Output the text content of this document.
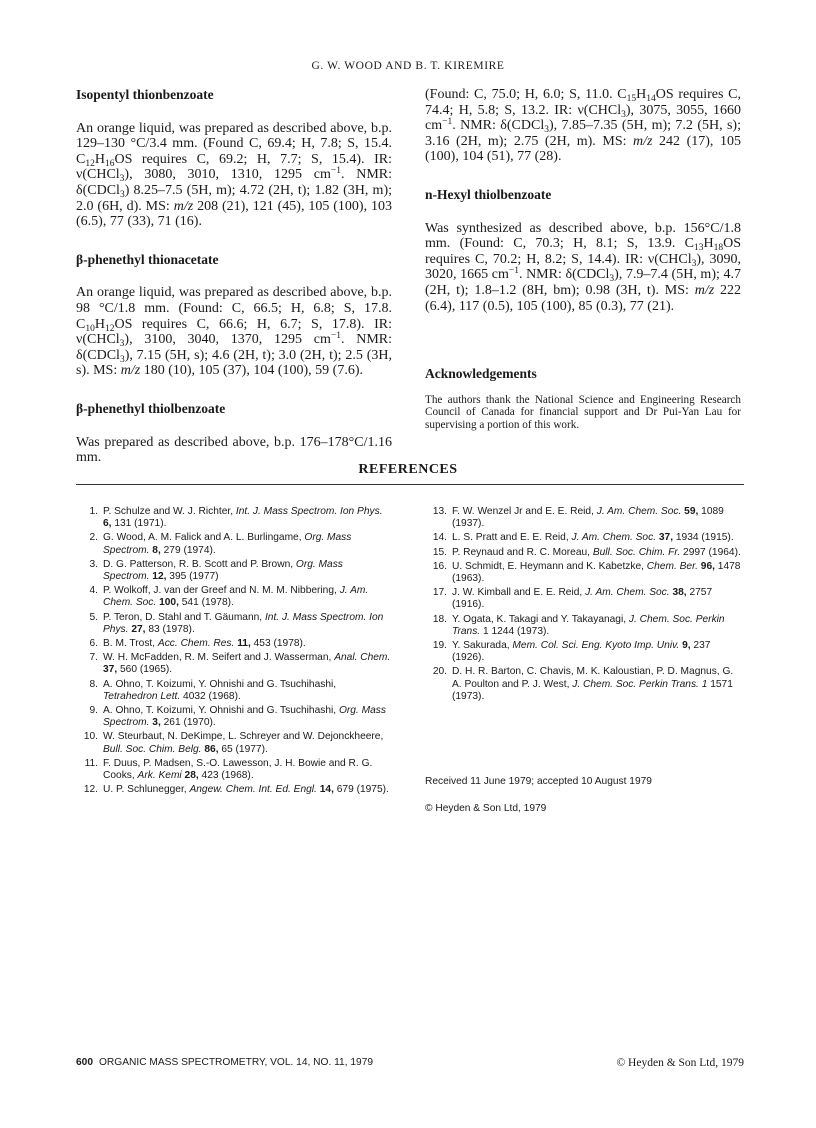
G. W. WOOD AND B. T. KIREMIRE
Isopentyl thionbenzoate

An orange liquid, was prepared as described above, b.p. 129–130 °C/3.4 mm. (Found C, 69.4; H, 7.8; S, 15.4. $C_{12}H_{16}OS$ requires C, 69.2; H, 7.7; S, 15.4). IR: ν(CHCl$_3$), 3080, 3010, 1310, 1295 $cm^{-1}$. NMR: δ(CDCl$_3$) 8.25–7.5 (5H, m); 4.72 (2H, t); 1.82 (3H, m); 2.0 (6H, d). MS: m/z 208 (21), 121 (45), 105 (100), 103 (6.5), 77 (33), 71 (16).

β-phenethyl thionacetate

An orange liquid, was prepared as described above, b.p. 98 °C/1.8 mm. (Found: C, 66.5; H, 6.8; S, 17.8. $C_{10}H_{12}OS$ requires C, 66.6; H, 6.7; S, 17.8). IR: ν(CHCl$_3$), 3100, 3040, 1370, 1295 $cm^{-1}$. NMR: δ(CDCl$_3$), 7.15 (5H, s); 4.6 (2H, t); 3.0 (2H, t); 2.5 (3H, s). MS: m/z 180 (10), 105 (37), 104 (100), 59 (7.6).

β-phenethyl thiolbenzoate

Was prepared as described above, b.p. 176–178°C/1.16 mm.

(Found: C, 75.0; H, 6.0; S, 11.0. $C_{15}H_{14}OS$ requires C, 74.4; H, 5.8; S, 13.2. IR: ν(CHCl$_3$), 3075, 3055, 1660 $cm^{-1}$. NMR: δ(CDCl$_3$), 7.85–7.35 (5H, m); 7.2 (5H, s); 3.16 (2H, m); 2.75 (2H, m). MS: m/z 242 (17), 105 (100), 104 (51), 77 (28).

n-Hexyl thiolbenzoate

Was synthesized as described above, b.p. 156°C/1.8 mm. (Found: C, 70.3; H, 8.1; S, 13.9. $C_{13}H_{18}OS$ requires C, 70.2; H, 8.2; S, 14.4). IR: ν(CHCl$_3$), 3090, 3020, 1665 $cm^{-1}$. NMR: δ(CDCl$_3$), 7.9–7.4 (5H, m); 4.7 (2H, t); 1.8–1.2 (8H, bm); 0.98 (3H, t). MS: m/z 222 (6.4), 117 (0.5), 105 (100), 85 (0.3), 77 (21).

Acknowledgements

The authors thank the National Science and Engineering Research Council of Canada for financial support and Dr Pui-Yan Lau for supervising a portion of this work.

REFERENCES
1. P. Schulze and W. J. Richter, Int. J. Mass Spectrom. Ion Phys. 6, 131 (1971).
2. G. Wood, A. M. Falick and A. L. Burlingame, Org. Mass Spectrom. 8, 279 (1974).
3. D. G. Patterson, R. B. Scott and P. Brown, Org. Mass Spectrom. 12, 395 (1977)
4. P. Wolkoff, J. van der Greef and N. M. M. Nibbering, J. Am. Chem. Soc. 100, 541 (1978).
5. P. Teron, D. Stahl and T. Gäumann, Int. J. Mass Spectrom. Ion Phys. 27, 83 (1978).
6. B. M. Trost, Acc. Chem. Res. 11, 453 (1978).
7. W. H. McFadden, R. M. Seifert and J. Wasserman, Anal. Chem. 37, 560 (1965).
8. A. Ohno, T. Koizumi, Y. Ohnishi and G. Tsuchihashi, Tetrahedron Lett. 4032 (1968).
9. A. Ohno, T. Koizumi, Y. Ohnishi and G. Tsuchihashi, Org. Mass Spectrom. 3, 261 (1970).
10. W. Steurbaut, N. DeKimpe, L. Schreyer and W. Dejonckheere, Bull. Soc. Chim. Belg. 86, 65 (1977).
11. F. Duus, P. Madsen, S.-O. Lawesson, J. H. Bowie and R. G. Cooks, Ark. Kemi 28, 423 (1968).
12. U. P. Schlunegger, Angew. Chem. Int. Ed. Engl. 14, 679 (1975).
13. F. W. Wenzel Jr and E. E. Reid, J. Am. Chem. Soc. 59, 1089 (1937).
14. L. S. Pratt and E. E. Reid, J. Am. Chem. Soc. 37, 1934 (1915).
15. P. Reynaud and R. C. Moreau, Bull. Soc. Chim. Fr. 2997 (1964).
16. U. Schmidt, E. Heymann and K. Kabetzke, Chem. Ber. 96, 1478 (1963).
17. J. W. Kimball and E. E. Reid, J. Am. Chem. Soc. 38, 2757 (1916).
18. Y. Ogata, K. Takagi and Y. Takayanagi, J. Chem. Soc. Perkin Trans. 1 1244 (1973).
19. Y. Sakurada, Mem. Col. Sci. Eng. Kyoto Imp. Univ. 9, 237 (1926).
20. D. H. R. Barton, C. Chavis, M. K. Kaloustian, P. D. Magnus, G. A. Poulton and P. J. West, J. Chem. Soc. Perkin Trans. 1 1571 (1973).
Received 11 June 1979; accepted 10 August 1979
© Heyden & Son Ltd, 1979
600 ORGANIC MASS SPECTROMETRY, VOL. 14, NO. 11, 1979	© Heyden & Son Ltd, 1979
